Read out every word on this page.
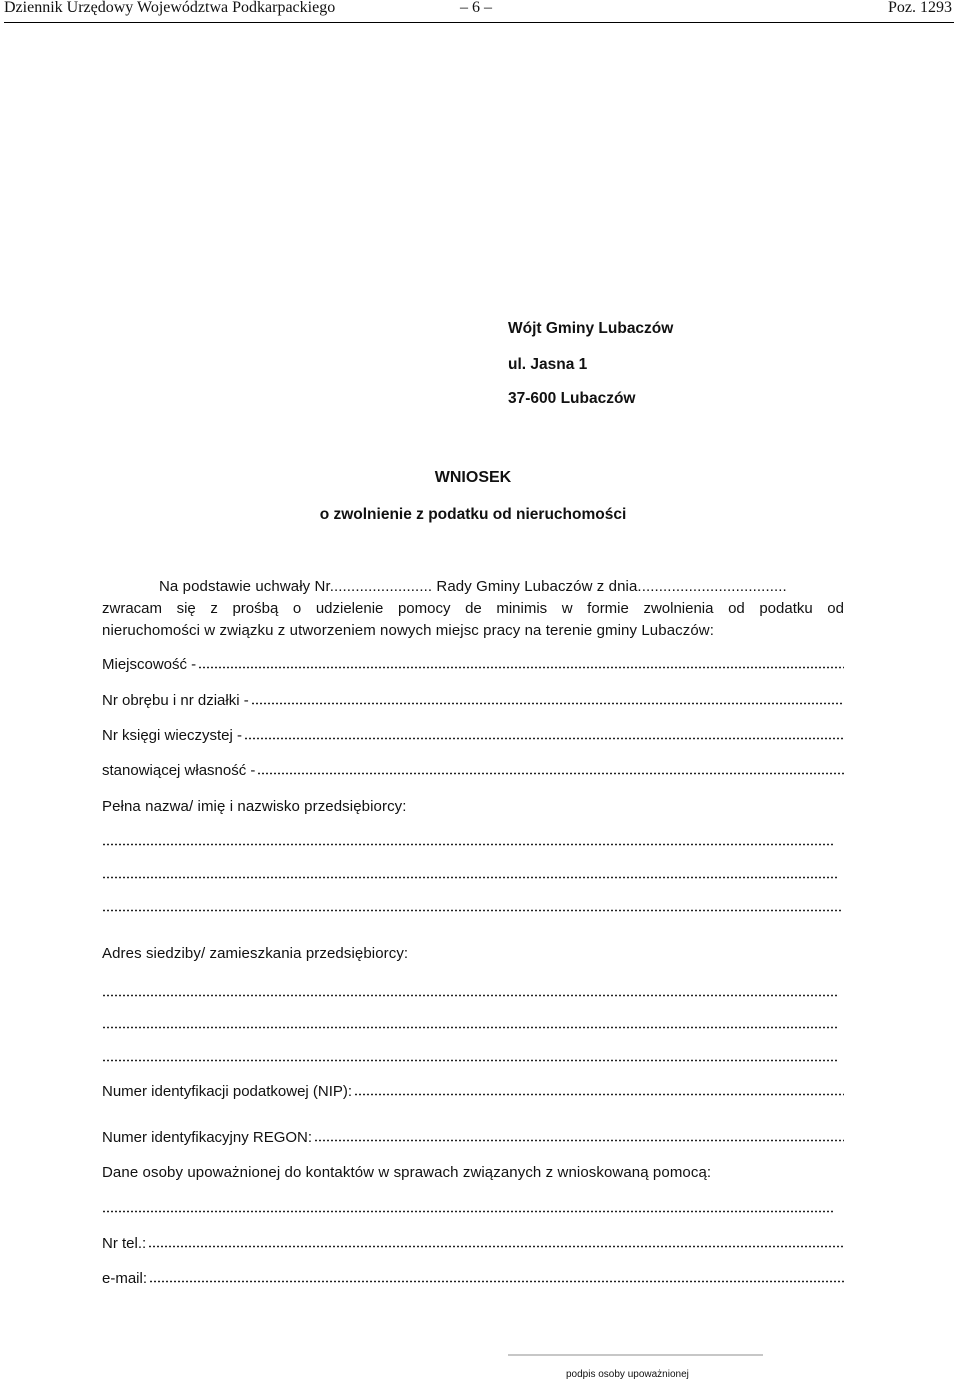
Dziennik Urzędowy Województwa Podkarpackiego	– 6 –	Poz. 1293
Wójt Gminy Lubaczów
ul. Jasna 1
37-600 Lubaczów
WNIOSEK
o zwolnienie z podatku od nieruchomości
Na podstawie uchwały Nr........................ Rady Gminy Lubaczów z dnia...................................
zwracam się z prośbą o udzielenie pomocy de minimis w formie zwolnienia od podatku od
nieruchomości w związku z utworzeniem nowych miejsc pracy na terenie gminy Lubaczów:
Miejscowość -
Nr obrębu i nr działki -
Nr księgi wieczystej -
stanowiącej własność -
Pełna nazwa/ imię i nazwisko przedsiębiorcy:
Adres siedziby/ zamieszkania przedsiębiorcy:
Numer identyfikacji podatkowej (NIP):
Numer identyfikacyjny REGON:
Dane osoby upoważnionej do kontaktów w sprawach związanych z wnioskowaną pomocą:
Nr tel.:
e-mail:
podpis osoby upoważnionej
